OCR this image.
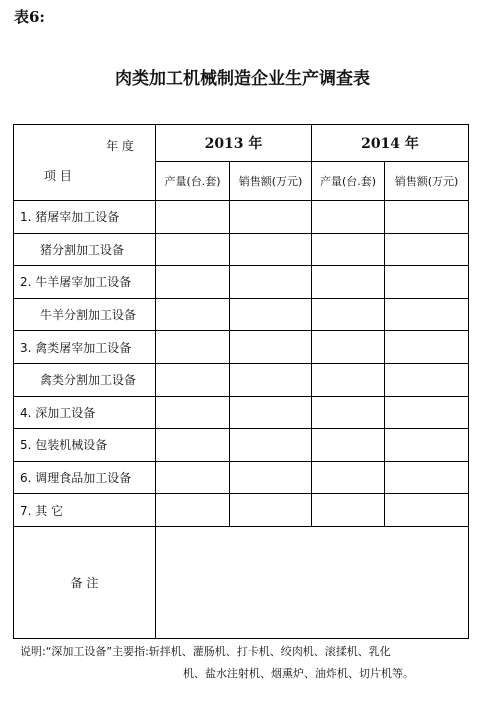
表6:
肉类加工机械制造企业生产调查表
年 度
项 目	2013 年		2014 年	
	产量(台.套)	销售额(万元)	产量(台.套)	销售额(万元)
1. 猪屠宰加工设备				
猪分割加工设备				
2. 牛羊屠宰加工设备				
牛羊分割加工设备				
3. 禽类屠宰加工设备				
禽类分割加工设备				
4. 深加工设备				
5. 包装机械设备				
6. 调理食品加工设备				
7. 其 它				
备 注				
说明:“深加工设备”主要指:斩拌机、灌肠机、打卡机、绞肉机、滚揉机、乳化
机、盐水注射机、烟熏炉、油炸机、切片机等。
